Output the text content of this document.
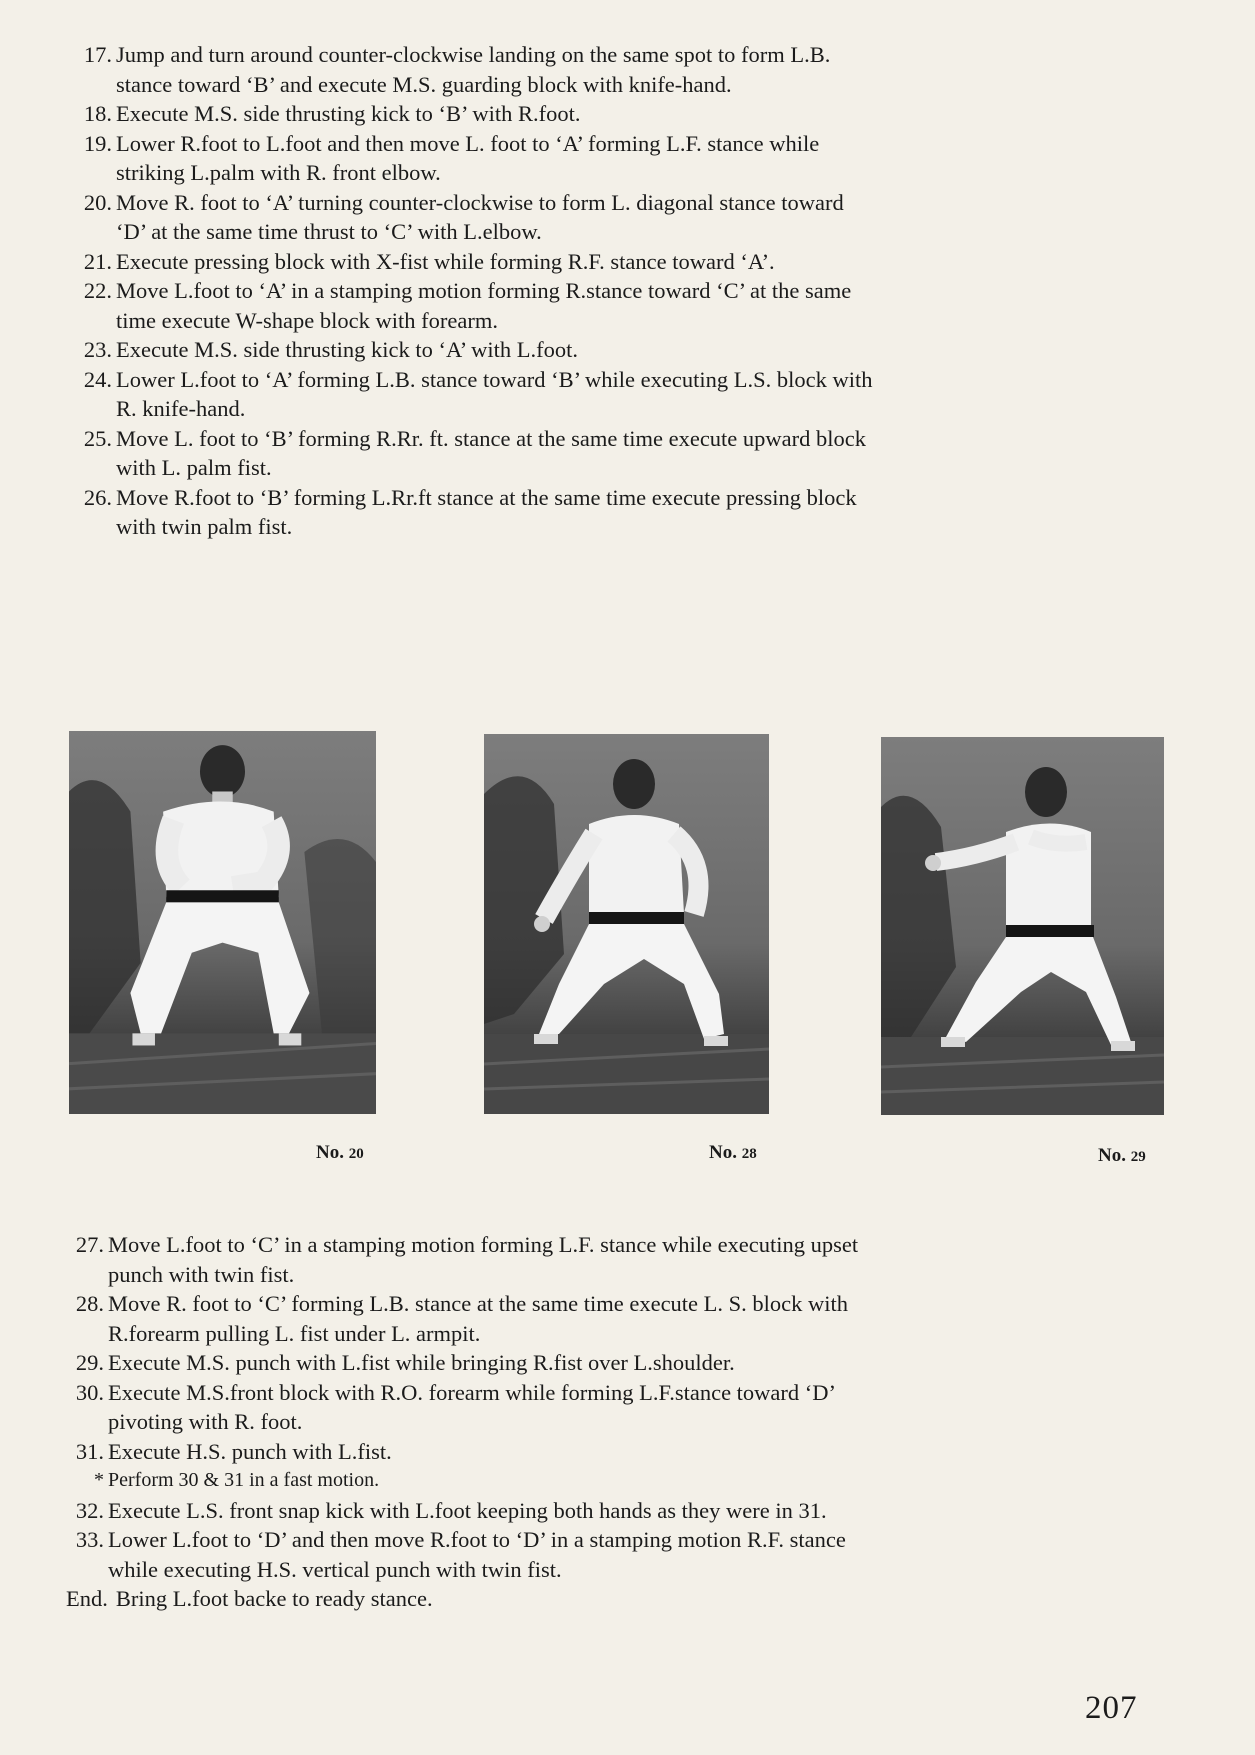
17. Jump and turn around counter-clockwise landing on the same spot to form L.B. stance toward ‘B’ and execute M.S. guarding block with knife-hand.
18. Execute M.S. side thrusting kick to ‘B’ with R.foot.
19. Lower R.foot to L.foot and then move L. foot to ‘A’ forming L.F. stance while striking L.palm with R. front elbow.
20. Move R. foot to ‘A’ turning counter-clockwise to form L. diagonal stance toward ‘D’ at the same time thrust to ‘C’ with L.elbow.
21. Execute pressing block with X-fist while forming R.F. stance toward ‘A’.
22. Move L.foot to ‘A’ in a stamping motion forming R.stance toward ‘C’ at the same time execute W-shape block with forearm.
23. Execute M.S. side thrusting kick to ‘A’ with L.foot.
24. Lower L.foot to ‘A’ forming L.B. stance toward ‘B’ while executing L.S. block with R. knife-hand.
25. Move L. foot to ‘B’ forming R.Rr. ft. stance at the same time execute upward block with L. palm fist.
26. Move R.foot to ‘B’ forming L.Rr.ft stance at the same time execute pressing block with twin palm fist.
No. 20	No. 28	No. 29
27. Move L.foot to ‘C’ in a stamping motion forming L.F. stance while executing upset punch with twin fist.
28. Move R. foot to ‘C’ forming L.B. stance at the same time execute L. S. block with R.forearm pulling L. fist under L. armpit.
29. Execute M.S. punch with L.fist while bringing R.fist over L.shoulder.
30. Execute M.S.front block with R.O. forearm while forming L.F.stance toward ‘D’ pivoting with R. foot.
31. Execute H.S. punch with L.fist.
* Perform 30 & 31 in a fast motion.
32. Execute L.S. front snap kick with L.foot keeping both hands as they were in 31.
33. Lower L.foot to ‘D’ and then move R.foot to ‘D’ in a stamping motion R.F. stance while executing H.S. vertical punch with twin fist.
End. Bring L.foot backe to ready stance.
207
